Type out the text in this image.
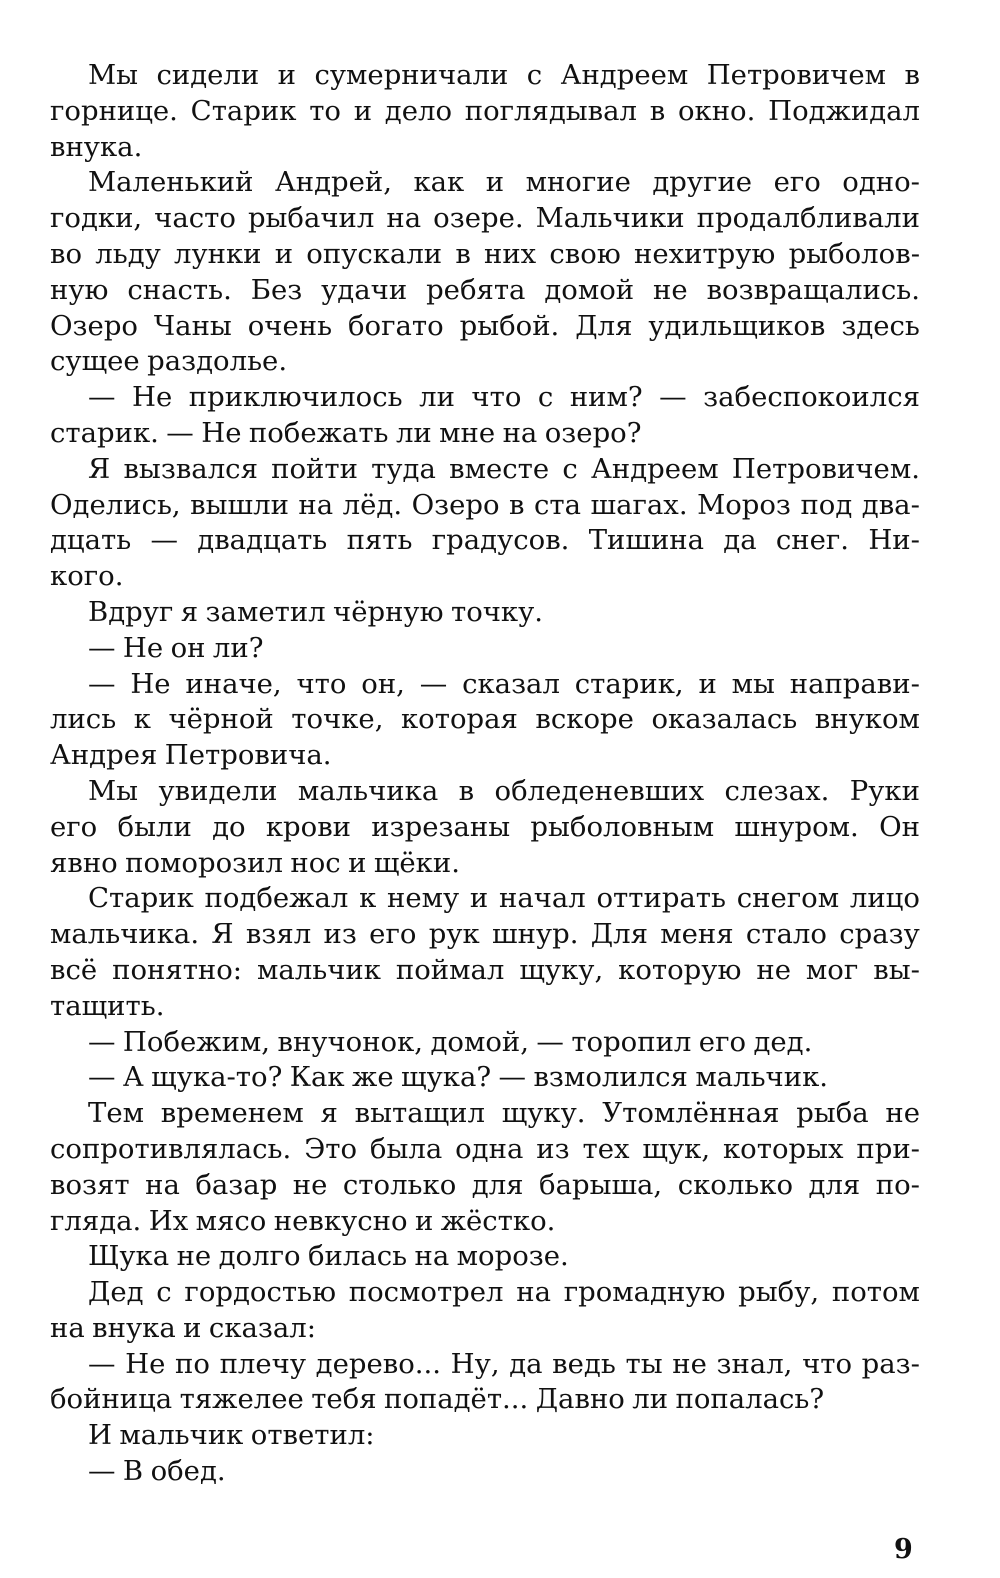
Мы сидели и сумерничали с Андреем Петровичем в
горнице. Старик то и дело поглядывал в окно. Поджидал
внука.
Маленький Андрей, как и многие другие его одно-
годки, часто рыбачил на озере. Мальчики продалбливали
во льду лунки и опускали в них свою нехитрую рыболов-
ную снасть. Без удачи ребята домой не возвращались.
Озеро Чаны очень богато рыбой. Для удильщиков здесь
сущее раздолье.
— Не приключилось ли что с ним? — забеспокоился
старик. — Не побежать ли мне на озеро?
Я вызвался пойти туда вместе с Андреем Петровичем.
Оделись, вышли на лёд. Озеро в ста шагах. Мороз под два-
дцать — двадцать пять градусов. Тишина да снег. Ни-
кого.
Вдруг я заметил чёрную точку.
— Не он ли?
— Не иначе, что он, — сказал старик, и мы направи-
лись к чёрной точке, которая вскоре оказалась внуком
Андрея Петровича.
Мы увидели мальчика в обледеневших слезах. Руки
его были до крови изрезаны рыболовным шнуром. Он
явно поморозил нос и щёки.
Старик подбежал к нему и начал оттирать снегом лицо
мальчика. Я взял из его рук шнур. Для меня стало сразу
всё понятно: мальчик поймал щуку, которую не мог вы-
тащить.
— Побежим, внучонок, домой, — торопил его дед.
— А щука-то? Как же щука? — взмолился мальчик.
Тем временем я вытащил щуку. Утомлённая рыба не
сопротивлялась. Это была одна из тех щук, которых при-
возят на базар не столько для барыша, сколько для по-
гляда. Их мясо невкусно и жёстко.
Щука не долго билась на морозе.
Дед с гордостью посмотрел на громадную рыбу, потом
на внука и сказал:
— Не по плечу дерево... Ну, да ведь ты не знал, что раз-
бойница тяжелее тебя попадёт... Давно ли попалась?
И мальчик ответил:
— В обед.
9
